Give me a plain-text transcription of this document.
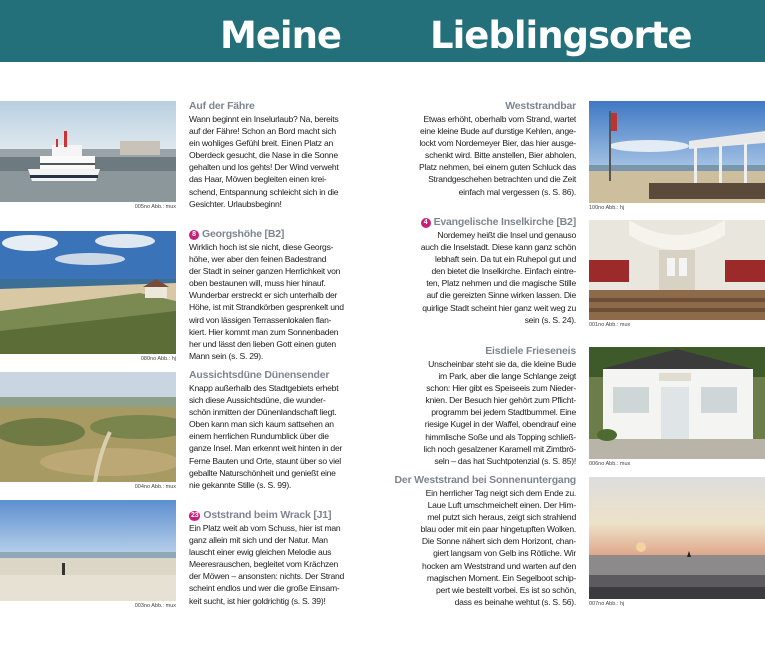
Meine Lieblingsorte
005no Abb.: mux
080no Abb.: hj
004no Abb.: mux
003no Abb.: mux
Auf der Fähre
Wann beginnt ein Inselurlaub? Na, bereits
auf der Fähre! Schon an Bord macht sich
ein wohliges Gefühl breit. Einen Platz an
Oberdeck gesucht, die Nase in die Sonne
gehalten und los gehts! Der Wind verweht
das Haar, Möwen begleiten einen krei-
schend, Entspannung schleicht sich in die
Gesichter. Urlaubsbeginn!
8 Georgshöhe [B2]
Wirklich hoch ist sie nicht, diese Georgs-
höhe, wer aber den feinen Badestrand
der Stadt in seiner ganzen Herrlichkeit von
oben bestaunen will, muss hier hinauf.
Wunderbar erstreckt er sich unterhalb der
Höhe, ist mit Strandkörben gesprenkelt und
wird von lässigen Terrassenlokalen flan-
kiert. Hier kommt man zum Sonnenbaden
her und lässt den lieben Gott einen guten
Mann sein (s. S. 29).
Aussichtsdüne Dünensender
Knapp außerhalb des Stadtgebiets erhebt
sich diese Aussichtsdüne, die wunder-
schön inmitten der Dünenlandschaft liegt.
Oben kann man sich kaum sattsehen an
einem herrlichen Rundumblick über die
ganze Insel. Man erkennt weit hinten in der
Ferne Bauten und Orte, staunt über so viel
geballte Naturschönheit und genießt eine
nie gekannte Stille (s. S. 99).
23 Oststrand beim Wrack [J1]
Ein Platz weit ab vom Schuss, hier ist man
ganz allein mit sich und der Natur. Man
lauscht einer ewig gleichen Melodie aus
Meeresrauschen, begleitet vom Krächzen
der Möwen – ansonsten: nichts. Der Strand
scheint endlos und wer die große Einsam-
keit sucht, ist hier goldrichtig (s. S. 39)!
Weststrandbar
Etwas erhöht, oberhalb vom Strand, wartet
eine kleine Bude auf durstige Kehlen, ange-
lockt vom Nordemeyer Bier, das hier ausge-
schenkt wird. Bitte anstellen, Bier abholen,
Platz nehmen, bei einem guten Schluck das
Strandgeschehen betrachten und die Zeit
einfach mal vergessen (s. S. 86).
4 Evangelische Inselkirche [B2]
Nordemey heißt die Insel und genauso
auch die Inselstadt. Diese kann ganz schön
lebhaft sein. Da tut ein Ruhepol gut und
den bietet die Inselkirche. Einfach eintre-
ten, Platz nehmen und die magische Stille
auf die gereizten Sinne wirken lassen. Die
quirlige Stadt scheint hier ganz weit weg zu
sein (s. S. 24).
Eisdiele Frieseneis
Unscheinbar steht sie da, die kleine Bude
im Park, aber die lange Schlange zeigt
schon: Hier gibt es Speiseeis zum Nieder-
knien. Der Besuch hier gehört zum Pflicht-
programm bei jedem Stadtbummel. Eine
riesige Kugel in der Waffel, obendrauf eine
himmlische Soße und als Topping schließ-
lich noch gesalzener Karamell mit Zimtbrö-
seln – das hat Suchtpotenzial (s. S. 85)!
Der Weststrand bei Sonnenuntergang
Ein herrlicher Tag neigt sich dem Ende zu.
Laue Luft umschmeichelt einen. Der Him-
mel putzt sich heraus, zeigt sich strahlend
blau oder mit ein paar hingetupften Wolken.
Die Sonne nähert sich dem Horizont, chan-
giert langsam von Gelb ins Rötliche. Wir
hocken am Weststrand und warten auf den
magischen Moment. Ein Segelboot schip-
pert wie bestellt vorbei. Es ist so schön,
dass es beinahe wehtut (s. S. 56).
100no Abb.: hj
001no Abb.: mux
006no Abb.: mux
007no Abb.: hj
